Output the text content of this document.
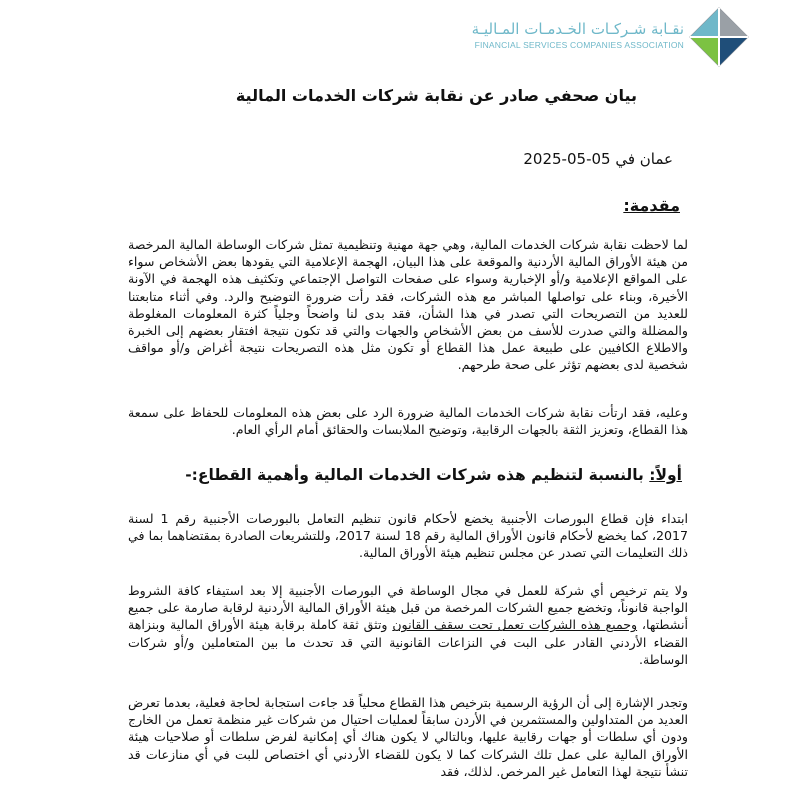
نقـابة شـركـات الخـدمـات المـاليـة
FINANCIAL SERVICES COMPANIES ASSOCIATION
بيان صحفي صادر عن نقابة شركات الخدمات المالية
عمان في 05-05-2025
مقدمة:
لما لاحظت نقابة شركات الخدمات المالية، وهي جهة مهنية وتنظيمية تمثل شركات الوساطة المالية المرخصة من هيئة الأوراق المالية الأردنية والموقعة على هذا البيان، الهجمة الإعلامية التي يقودها بعض الأشخاص سواء على المواقع الإعلامية و/أو الإخبارية وسواء على صفحات التواصل الإجتماعي وتكثيف هذه الهجمة في الآونة الأخيرة، وبناء على تواصلها المباشر مع هذه الشركات، فقد رأت ضرورة التوضيح والرد. وفي أثناء متابعتنا للعديد من التصريحات التي تصدر في هذا الشأن، فقد بدى لنا واضحاً وجلياً كثرة المعلومات المغلوطة والمضللة والتي صدرت للأسف من بعض الأشخاص والجهات والتي قد تكون نتيجة افتقار بعضهم إلى الخبرة والاطلاع الكافيين على طبيعة عمل هذا القطاع أو تكون مثل هذه التصريحات نتيجة أغراض و/أو مواقف شخصية لدى بعضهم تؤثر على صحة طرحهم.
وعليه، فقد ارتأت نقابة شركات الخدمات المالية ضرورة الرد على بعض هذه المعلومات للحفاظ على سمعة هذا القطاع، وتعزيز الثقة بالجهات الرقابية، وتوضيح الملابسات والحقائق أمام الرأي العام.
أولاً: بالنسبة لتنظيم هذه شركات الخدمات المالية وأهمية القطاع:-
ابتداء فإن قطاع البورصات الأجنبية يخضع لأحكام قانون تنظيم التعامل بالبورصات الأجنبية رقم 1 لسنة 2017، كما يخضع لأحكام قانون الأوراق المالية رقم 18 لسنة 2017، وللتشريعات الصادرة بمقتضاهما بما في ذلك التعليمات التي تصدر عن مجلس تنظيم هيئة الأوراق المالية.
ولا يتم ترخيص أي شركة للعمل في مجال الوساطة في البورصات الأجنبية إلا بعد استيفاء كافة الشروط الواجبة قانوناً، وتخضع جميع الشركات المرخصة من قبل هيئة الأوراق المالية الأردنية لرقابة صارمة على جميع أنشطتها، وجميع هذه الشركات تعمل تحت سقف القانون وتثق ثقة كاملة برقابة هيئة الأوراق المالية وبنزاهة القضاء الأردني القادر على البت في النزاعات القانونية التي قد تحدث ما بين المتعاملين و/أو شركات الوساطة.
وتجدر الإشارة إلى أن الرؤية الرسمية بترخيص هذا القطاع محلياً قد جاءت استجابة لحاجة فعلية، بعدما تعرض العديد من المتداولين والمستثمرين في الأردن سابقاً لعمليات احتيال من شركات غير منظمة تعمل من الخارج ودون أي سلطات أو جهات رقابية عليها، وبالتالي لا يكون هناك أي إمكانية لفرض سلطات أو صلاحيات هيئة الأوراق المالية على عمل تلك الشركات كما لا يكون للقضاء الأردني أي اختصاص للبت في أي منازعات قد تنشأ نتيجة لهذا التعامل غير المرخص. لذلك، فقد
